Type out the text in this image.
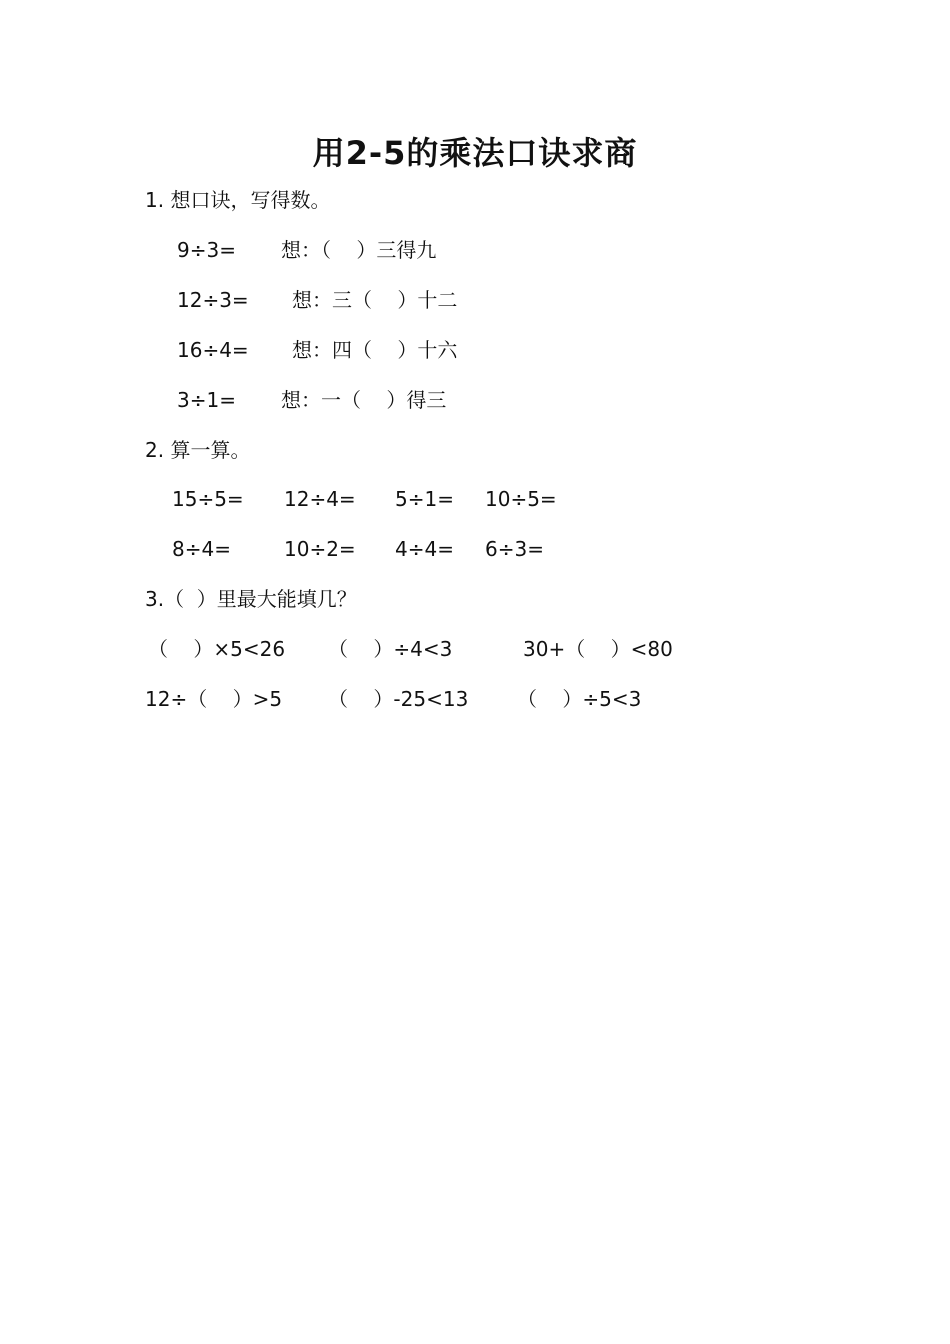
用2-5的乘法口诀求商
1. 想口诀，写得数。
9÷3= 想：（    ）三得九
12÷3= 想：三（    ）十二
16÷4= 想：四（    ）十六
3÷1= 想：一（    ）得三
2. 算一算。
15÷5= 12÷4= 5÷1= 10÷5=
8÷4=	10÷2= 4÷4= 6÷3=
3.（  ）里最大能填几？
（    ）×5<26 （    ）÷4<3	30+（    ）<80
12÷（    ）>5 （    ）-25<13 （    ）÷5<3
